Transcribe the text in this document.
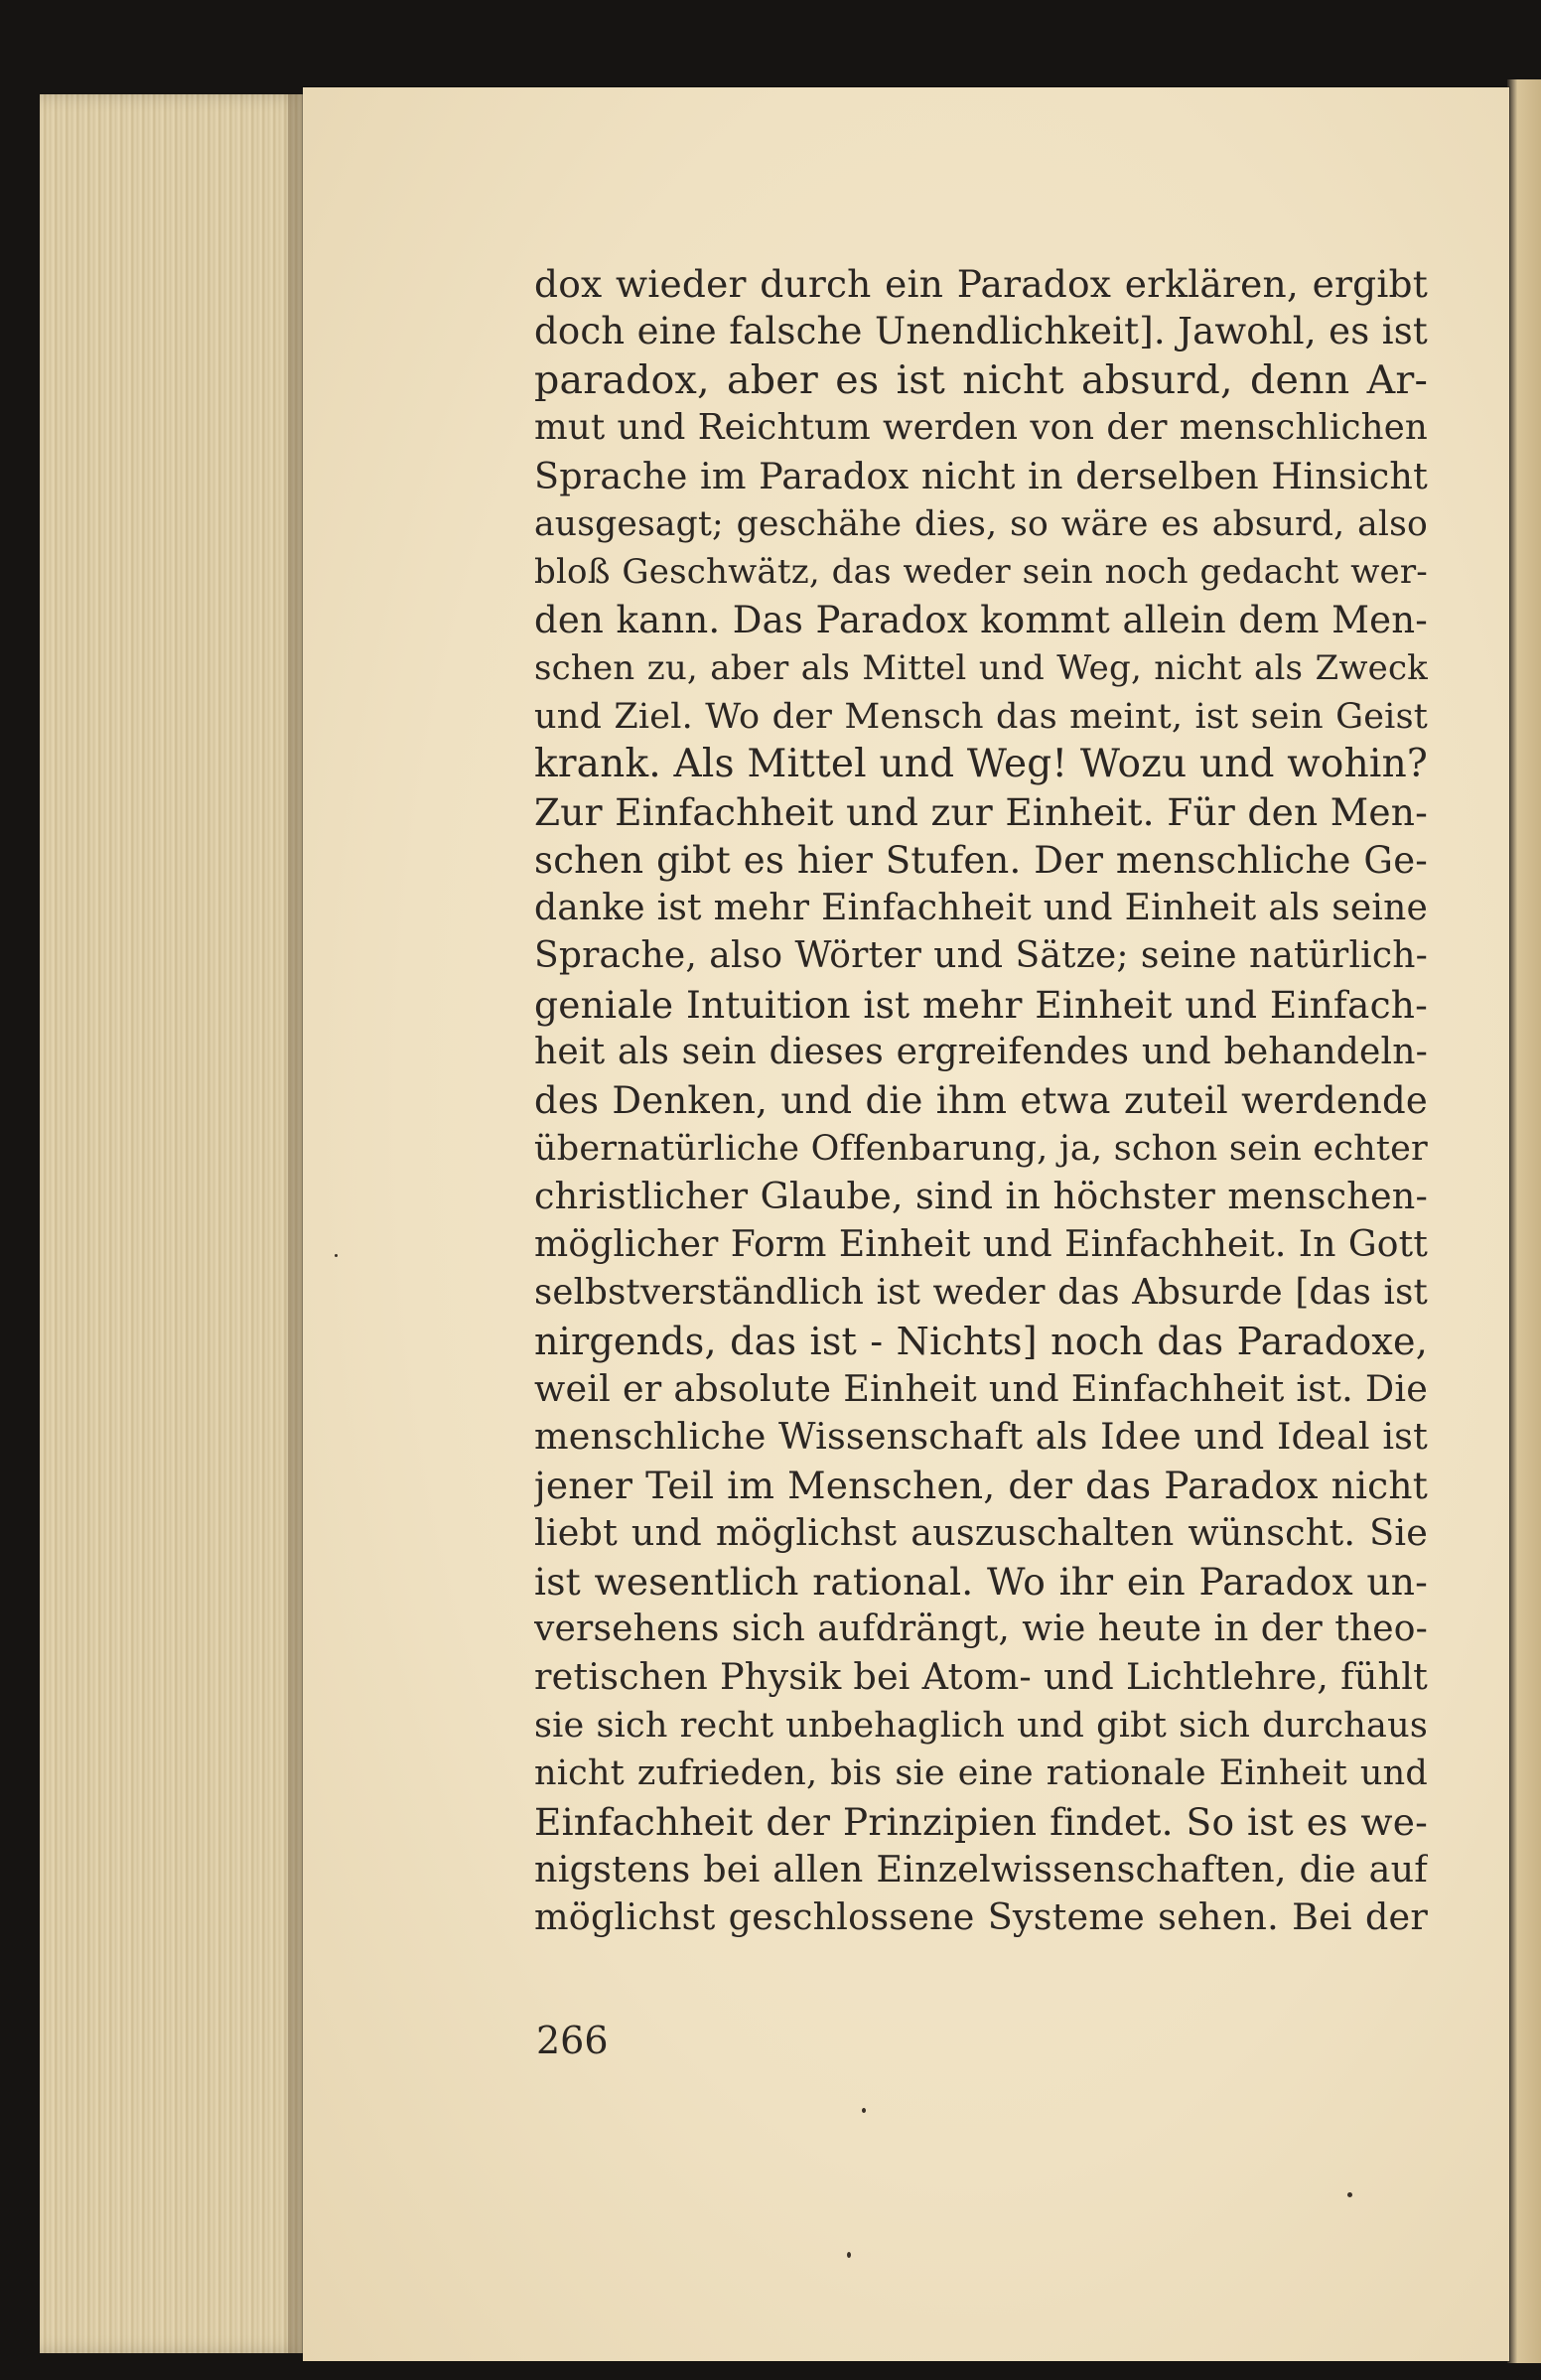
dox wieder durch ein Paradox erklären, ergibt
doch eine falsche Unendlichkeit]. Jawohl, es ist
paradox, aber es ist nicht absurd, denn Ar-
mut und Reichtum werden von der menschlichen
Sprache im Paradox nicht in derselben Hinsicht
ausgesagt; geschähe dies, so wäre es absurd, also
bloß Geschwätz, das weder sein noch gedacht wer-
den kann. Das Paradox kommt allein dem Men-
schen zu, aber als Mittel und Weg, nicht als Zweck
und Ziel. Wo der Mensch das meint, ist sein Geist
krank. Als Mittel und Weg! Wozu und wohin?
Zur Einfachheit und zur Einheit. Für den Men-
schen gibt es hier Stufen. Der menschliche Ge-
danke ist mehr Einfachheit und Einheit als seine
Sprache, also Wörter und Sätze; seine natürlich-
geniale Intuition ist mehr Einheit und Einfach-
heit als sein dieses ergreifendes und behandeln-
des Denken, und die ihm etwa zuteil werdende
übernatürliche Offenbarung, ja, schon sein echter
christlicher Glaube, sind in höchster menschen-
möglicher Form Einheit und Einfachheit. In Gott
selbstverständlich ist weder das Absurde [das ist
nirgends, das ist - Nichts] noch das Paradoxe,
weil er absolute Einheit und Einfachheit ist. Die
menschliche Wissenschaft als Idee und Ideal ist
jener Teil im Menschen, der das Paradox nicht
liebt und möglichst auszuschalten wünscht. Sie
ist wesentlich rational. Wo ihr ein Paradox un-
versehens sich aufdrängt, wie heute in der theo-
retischen Physik bei Atom- und Lichtlehre, fühlt
sie sich recht unbehaglich und gibt sich durchaus
nicht zufrieden, bis sie eine rationale Einheit und
Einfachheit der Prinzipien findet. So ist es we-
nigstens bei allen Einzelwissenschaften, die auf
möglichst geschlossene Systeme sehen. Bei der
266
